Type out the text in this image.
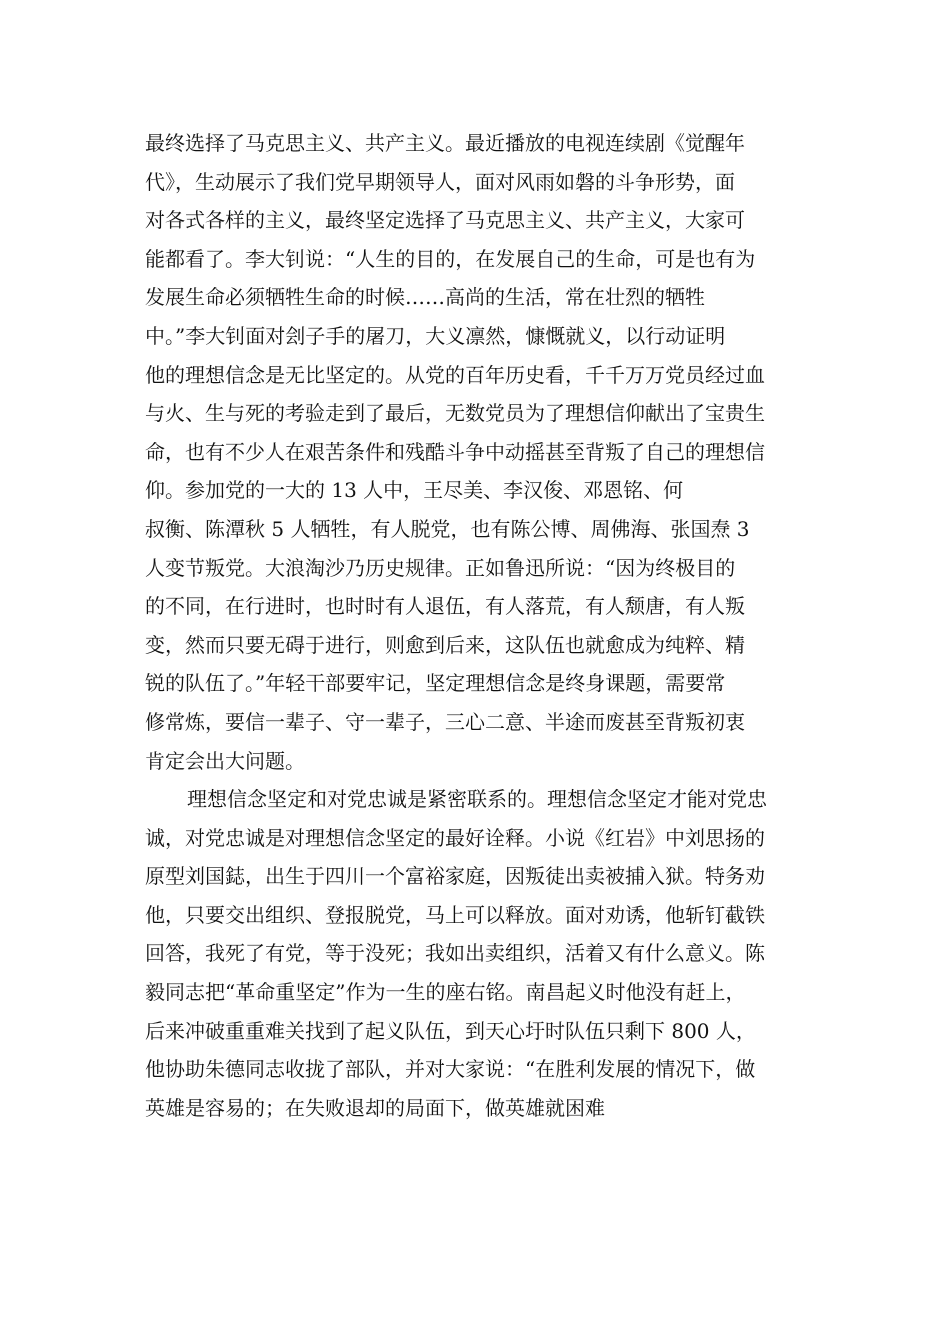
最终选择了马克思主义、共产主义。最近播放的电视连续剧《觉醒年
代》，生动展示了我们党早期领导人，面对风雨如磐的斗争形势，面
对各式各样的主义，最终坚定选择了马克思主义、共产主义，大家可
能都看了。李大钊说：“人生的目的，在发展自己的生命，可是也有为
发展生命必须牺牲生命的时候……高尚的生活，常在壮烈的牺牲
中。”李大钊面对刽子手的屠刀，大义凛然，慷慨就义，以行动证明
他的理想信念是无比坚定的。从党的百年历史看，千千万万党员经过血
与火、生与死的考验走到了最后，无数党员为了理想信仰献出了宝贵生
命，也有不少人在艰苦条件和残酷斗争中动摇甚至背叛了自己的理想信
仰。参加党的一大的 13 人中，王尽美、李汉俊、邓恩铭、何
叔衡、陈潭秋 5 人牺牲，有人脱党，也有陈公博、周佛海、张国焘 3
人变节叛党。大浪淘沙乃历史规律。正如鲁迅所说：“因为终极目的
的不同，在行进时，也时时有人退伍，有人落荒，有人颓唐，有人叛
变，然而只要无碍于进行，则愈到后来，这队伍也就愈成为纯粹、精
锐的队伍了。”年轻干部要牢记，坚定理想信念是终身课题，需要常
修常炼，要信一辈子、守一辈子，三心二意、半途而废甚至背叛初衷
肯定会出大问题。
理想信念坚定和对党忠诚是紧密联系的。理想信念坚定才能对党忠
诚，对党忠诚是对理想信念坚定的最好诠释。小说《红岩》中刘思扬的
原型刘国鋕，出生于四川一个富裕家庭，因叛徒出卖被捕入狱。特务劝
他，只要交出组织、登报脱党，马上可以释放。面对劝诱，他斩钉截铁
回答，我死了有党，等于没死；我如出卖组织，活着又有什么意义。陈
毅同志把“革命重坚定”作为一生的座右铭。南昌起义时他没有赶上，
后来冲破重重难关找到了起义队伍，到天心圩时队伍只剩下 800 人，
他协助朱德同志收拢了部队，并对大家说：“在胜利发展的情况下，做
英雄是容易的；在失败退却的局面下，做英雄就困难
